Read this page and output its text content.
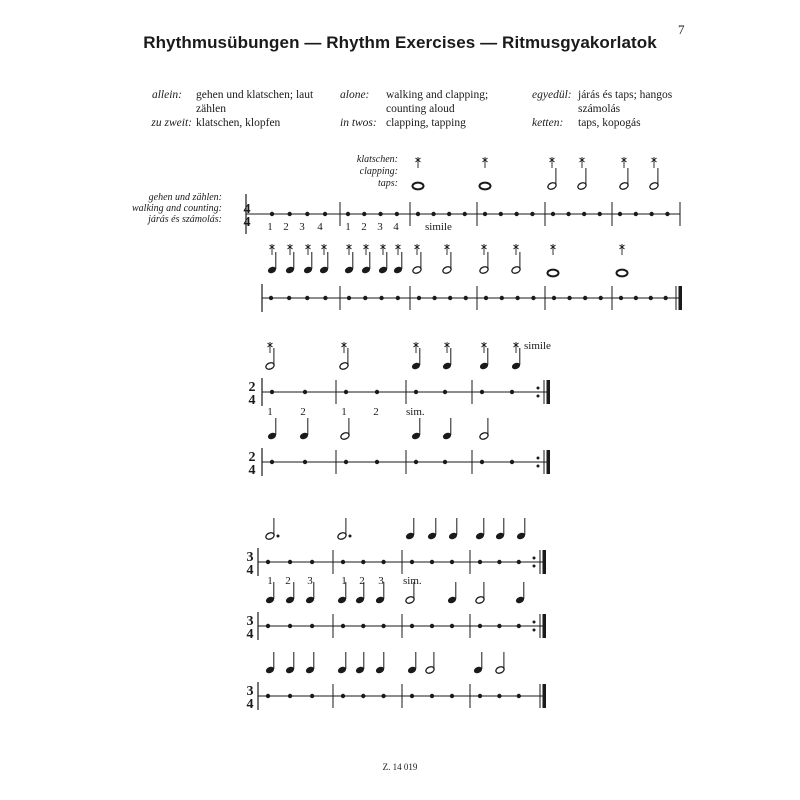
7
Rhythmusübungen — Rhythm Exercises — Ritmusgyakorlatok
allein: gehen und klatschen; laut zählen
zu zweit: klatschen, klopfen
alone:	walking and clapping; counting aloud
in twos: clapping, tapping
egyedül: járás és taps; hangos számolás
ketten:	taps, kopogás
klatschen:
clapping:
taps:
gehen und zählen:
walking and counting:
járás és számolás:
4
4 1 2 3 4 1 2 3 4 simile
2
4
1	2	1 2 sim.
simile
2
4
3
4
3
4
3
4
1 2 3	1 2 3 sim.
Z. 14 019
